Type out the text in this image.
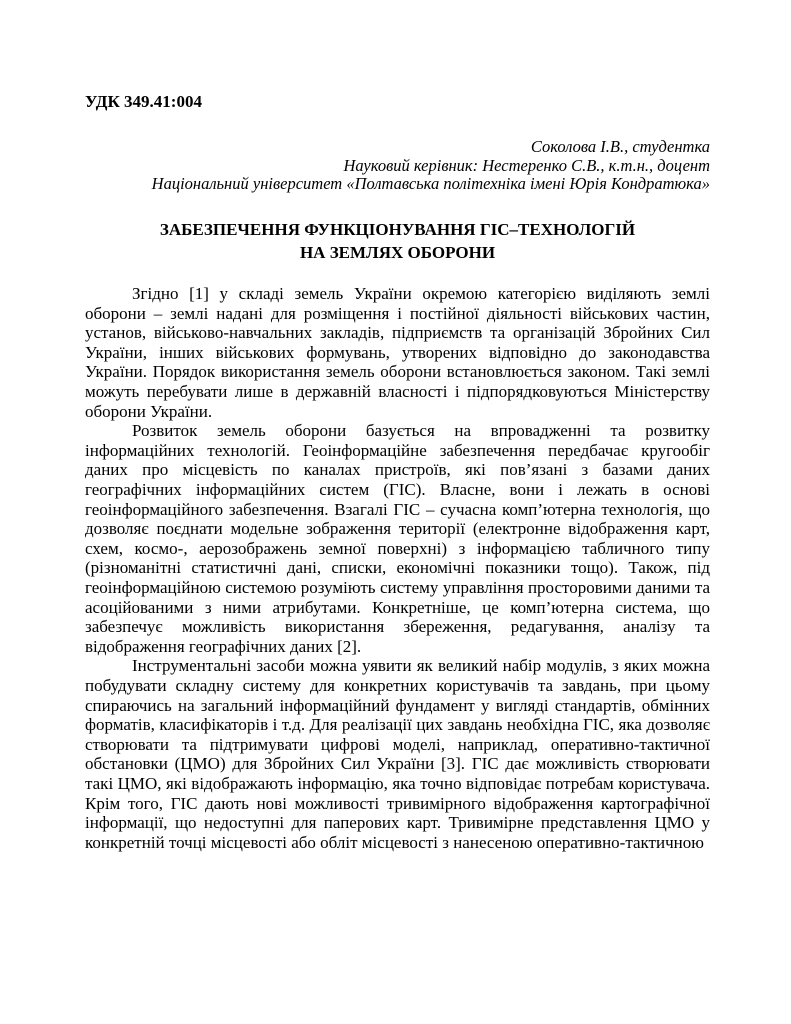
УДК 349.41:004

Соколова І.В., студентка
Науковий керівник: Нестеренко С.В., к.т.н., доцент
Національний університет «Полтавська політехніка імені Юрія Кондратюка»
ЗАБЕЗПЕЧЕННЯ ФУНКЦІОНУВАННЯ ГІС–ТЕХНОЛОГІЙ
НА ЗЕМЛЯХ ОБОРОНИ

Згідно [1] у складі земель України окремою категорією виділяють землі оборони – землі надані для розміщення і постійної діяльності військових частин, установ, військово-навчальних закладів, підприємств та організацій Збройних Сил України, інших військових формувань, утворених відповідно до законодавства України. Порядок використання земель оборони встановлюється законом. Такі землі можуть перебувати лише в державній власності і підпорядковуються Міністерству оборони України.

Розвиток земель оборони базується на впровадженні та розвитку інформаційних технологій. Геоінформаційне забезпечення передбачає кругообіг даних про місцевість по каналах пристроїв, які пов’язані з базами даних географічних інформаційних систем (ГІС). Власне, вони і лежать в основі геоінформаційного забезпечення. Взагалі ГІС – сучасна комп’ютерна технологія, що дозволяє поєднати модельне зображення території (електронне відображення карт, схем, космо-, аерозображень земної поверхні) з інформацією табличного типу (різноманітні статистичні дані, списки, економічні показники тощо). Також, під геоінформаційною системою розуміють систему управління просторовими даними та асоційованими з ними атрибутами. Конкретніше, це комп’ютерна система, що забезпечує можливість використання збереження, редагування, аналізу та відображення географічних даних [2].

Інструментальні засоби можна уявити як великий набір модулів, з яких можна побудувати складну систему для конкретних користувачів та завдань, при цьому спираючись на загальний інформаційний фундамент у вигляді стандартів, обмінних форматів, класифікаторів і т.д. Для реалізації цих завдань необхідна ГІС, яка дозволяє створювати та підтримувати цифрові моделі, наприклад, оперативно-тактичної обстановки (ЦМО) для Збройних Сил України [3]. ГІС дає можливість створювати такі ЦМО, які відображають інформацію, яка точно відповідає потребам користувача. Крім того, ГІС дають нові можливості тривимірного відображення картографічної інформації, що недоступні для паперових карт. Тривимірне представлення ЦМО у конкретній точці місцевості або обліт місцевості з нанесеною оперативно-тактичною
